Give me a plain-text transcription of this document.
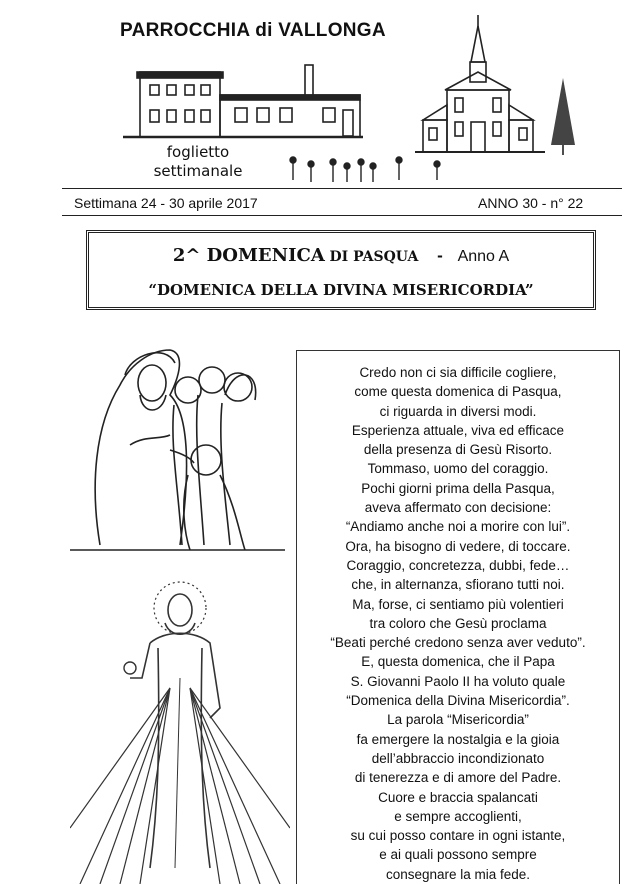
PARROCCHIA di VALLONGA
foglietto
settimanale
Settimana 24 - 30 aprile 2017	ANNO 30 - n° 22
2^ DOMENICA DI PASQUA - Anno A
“DOMENICA DELLA DIVINA MISERICORDIA”
Credo non ci sia difficile cogliere,
come questa domenica di Pasqua,
ci riguarda in diversi modi.
Esperienza attuale, viva ed efficace
della presenza di Gesù Risorto.
Tommaso, uomo del coraggio.
Pochi giorni prima della Pasqua,
aveva affermato con decisione:
“Andiamo anche noi a morire con lui”.
Ora, ha bisogno di vedere, di toccare.
Coraggio, concretezza, dubbi, fede…
che, in alternanza, sfiorano tutti noi.
Ma, forse, ci sentiamo più volentieri
tra coloro che Gesù proclama
“Beati perché credono senza aver veduto”.
E, questa domenica, che il Papa
S. Giovanni Paolo II ha voluto quale
“Domenica della Divina Misericordia”.
La parola “Misericordia”
fa emergere la nostalgia e la gioia
dell’abbraccio incondizionato
di tenerezza e di amore del Padre.
Cuore e braccia spalancati
e sempre accoglienti,
su cui posso contare in ogni istante,
e ai quali possono sempre
consegnare la mia fede.
